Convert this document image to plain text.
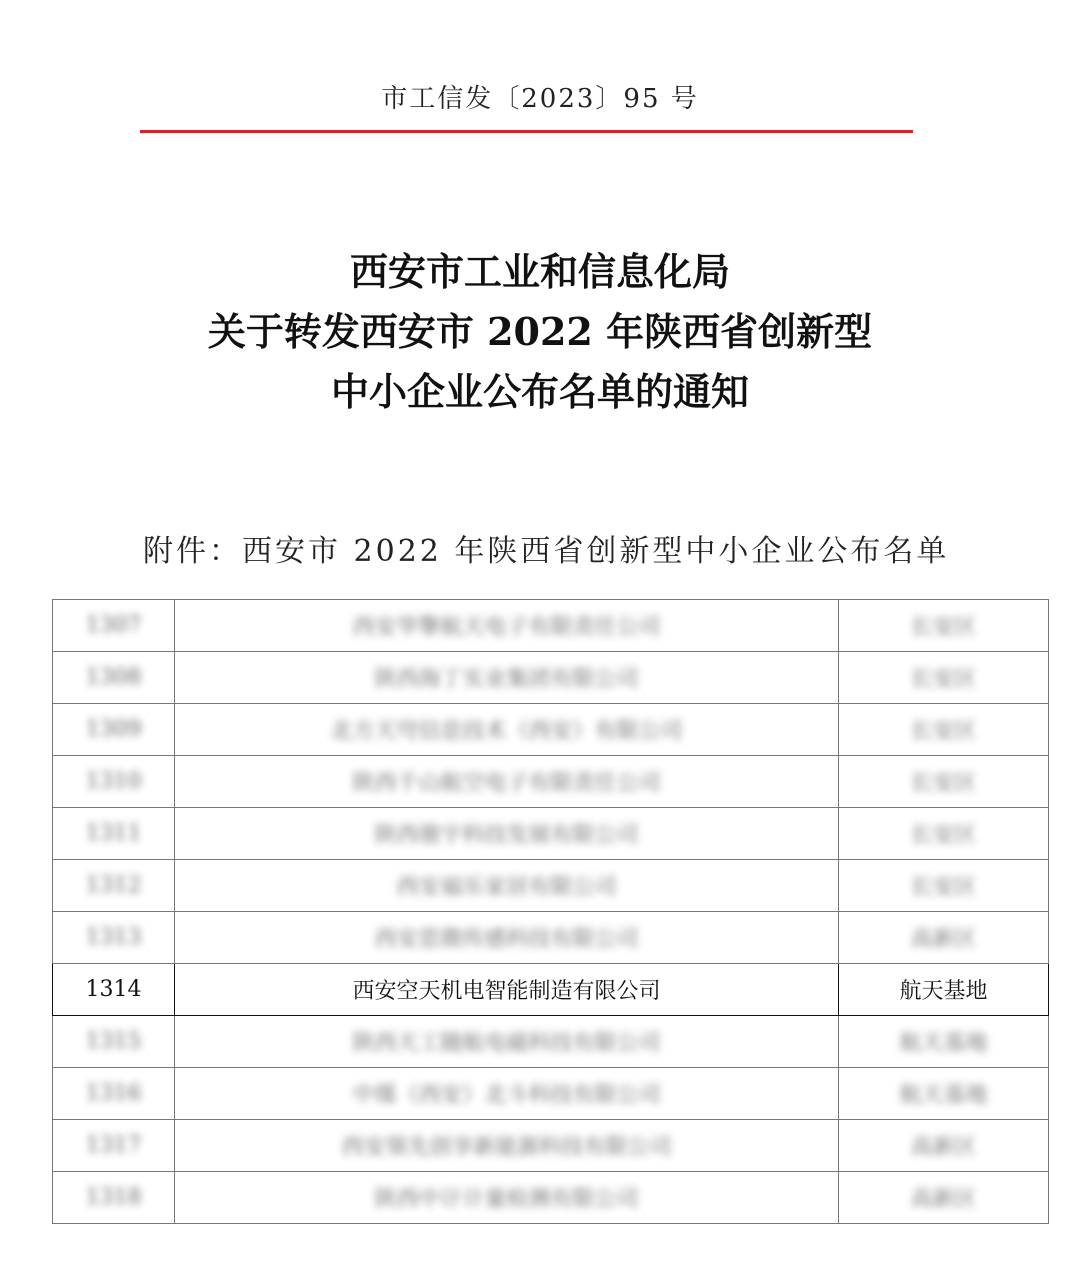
市工信发〔2023〕95 号
西安市工业和信息化局
关于转发西安市 2022 年陕西省创新型
中小企业公布名单的通知
附件：西安市 2022 年陕西省创新型中小企业公布名单
1307	西安华擎航天电子有限责任公司	长安区
1308	陕西海丁实业集团有限公司	长安区
1309	北方天穹信息技术（西安）有限公司	长安区
1310	陕西千山航空电子有限责任公司	长安区
1311	陕西骏宇科技发展有限公司	长安区
1312	西安福乐家居有限公司	长安区
1313	西安思微传感科技有限公司	高新区
1314	西安空天机电智能制造有限公司	航天基地
1315	陕西天工随航电磁科技有限公司	航天基地
1316	中煤（西安）北斗科技有限公司	航天基地
1317	西安領先创享新能源科技有限公司	高新区
1318	陕西中计计量检测有限公司	高新区
